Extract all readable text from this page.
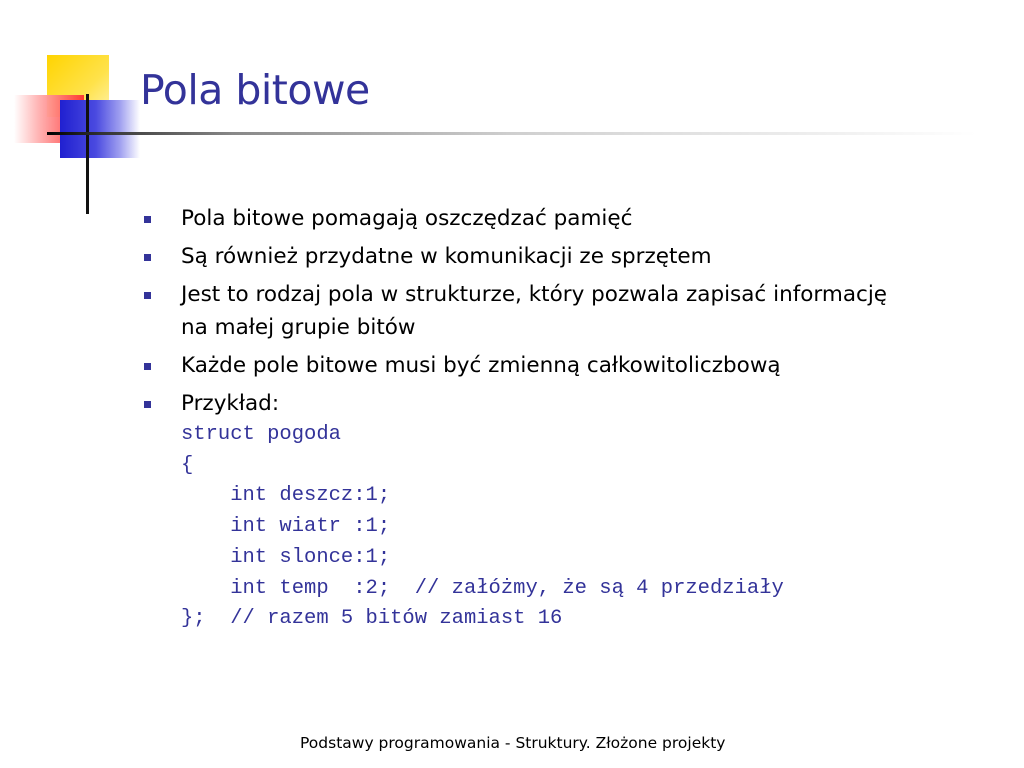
Pola bitowe
Pola bitowe pomagają oszczędzać pamięć
Są również przydatne w komunikacji ze sprzętem
Jest to rodzaj pola w strukturze, który pozwala zapisać informację na małej grupie bitów
Każde pole bitowe musi być zmienną całkowitoliczbową
Przykład:
struct pogoda
{
int deszcz:1;
int wiatr :1;
int slonce:1;
int temp  :2;  // załóżmy, że są 4 przedziały
};  // razem 5 bitów zamiast 16
Podstawy programowania - Struktury. Złożone projekty
